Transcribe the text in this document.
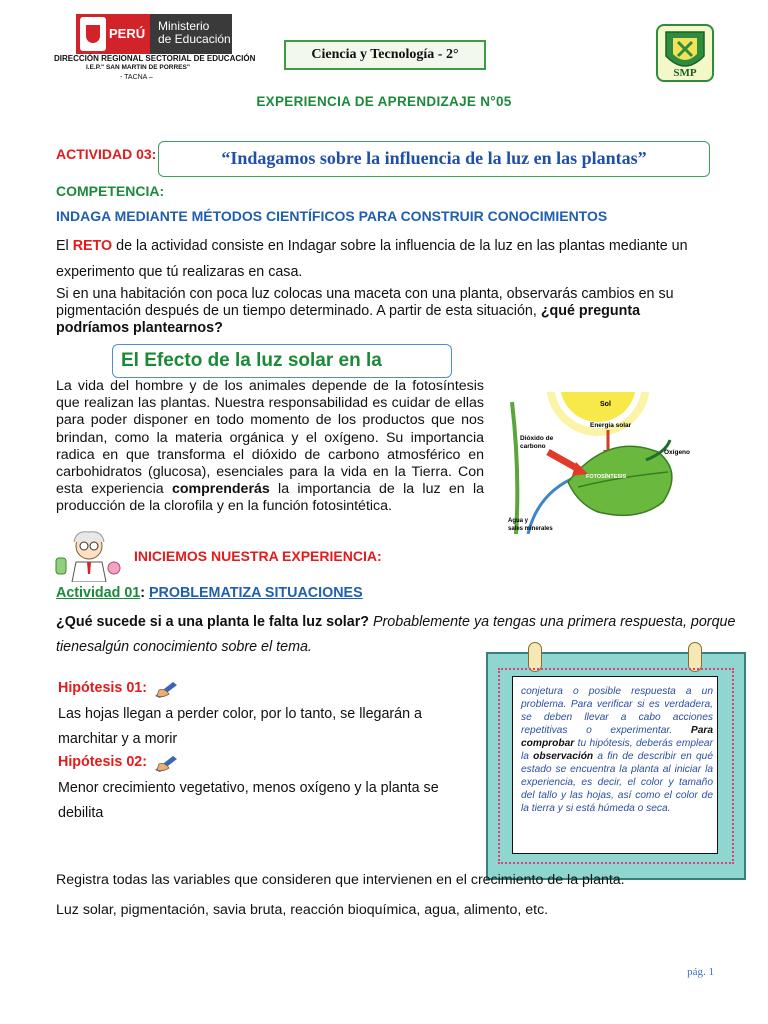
PERÚ Ministerio
de Educación
DIRECCIÓN REGIONAL SECTORIAL DE EDUCACIÓN
I.E.P." SAN MARTIN DE PORRES"
- TACNA –
Ciencia y Tecnología - 2°
SMP
EXPERIENCIA DE APRENDIZAJE N°05
ACTIVIDAD 03:	“Indagamos sobre la influencia de la luz en las plantas”
COMPETENCIA:
INDAGA MEDIANTE MÉTODOS CIENTÍFICOS PARA CONSTRUIR CONOCIMIENTOS
El RETO de la actividad consiste en Indagar sobre la influencia de la luz en las plantas mediante un experimento que tú realizaras en casa.
Si en una habitación con poca luz colocas una maceta con una planta, observarás cambios en su pigmentación después de un tiempo determinado. A partir de esta situación, ¿qué pregunta podríamos plantearnos?
El Efecto de la luz solar en la
La vida del hombre y de los animales depende de la fotosíntesis que realizan las plantas. Nuestra responsabilidad es cuidar de ellas para poder disponer en todo momento de los productos que nos brindan, como la materia orgánica y el oxígeno. Su importancia radica en que transforma el dióxido de carbono atmosférico en carbohidratos (glucosa), esenciales para la vida en la Tierra. Con esta experiencia comprenderás la importancia de la luz en la producción de la clorofila y en la función fotosintética.
Sol
Energía solar
Oxígeno
Dióxido de
carbono
FOTOSÍNTESIS
Agua y
sales minerales
INICIEMOS NUESTRA EXPERIENCIA:
Actividad 01: PROBLEMATIZA SITUACIONES
¿Qué sucede si a una planta le falta luz solar? Probablemente ya tengas una primera respuesta, porque tienesalgún conocimiento sobre el tema.
Hipótesis 01:
Las hojas llegan a perder color, por lo tanto, se llegarán a marchitar y a morir
Hipótesis 02:
Menor crecimiento vegetativo, menos oxígeno y la planta se debilita
conjetura o posible respuesta a un problema. Para verificar si es verdadera, se deben llevar a cabo acciones repetitivas o experimentar. Para comprobar tu hipótesis, deberás emplear la observación a fin de describir en qué estado se encuentra la planta al iniciar la experiencia, es decir, el color y tamaño del tallo y las hojas, así como el color de la tierra y si está húmeda o seca.
Registra todas las variables que consideren que intervienen en el crecimiento de la planta.
Luz solar, pigmentación, savia bruta, reacción bioquímica, agua, alimento, etc.
pág. 1
